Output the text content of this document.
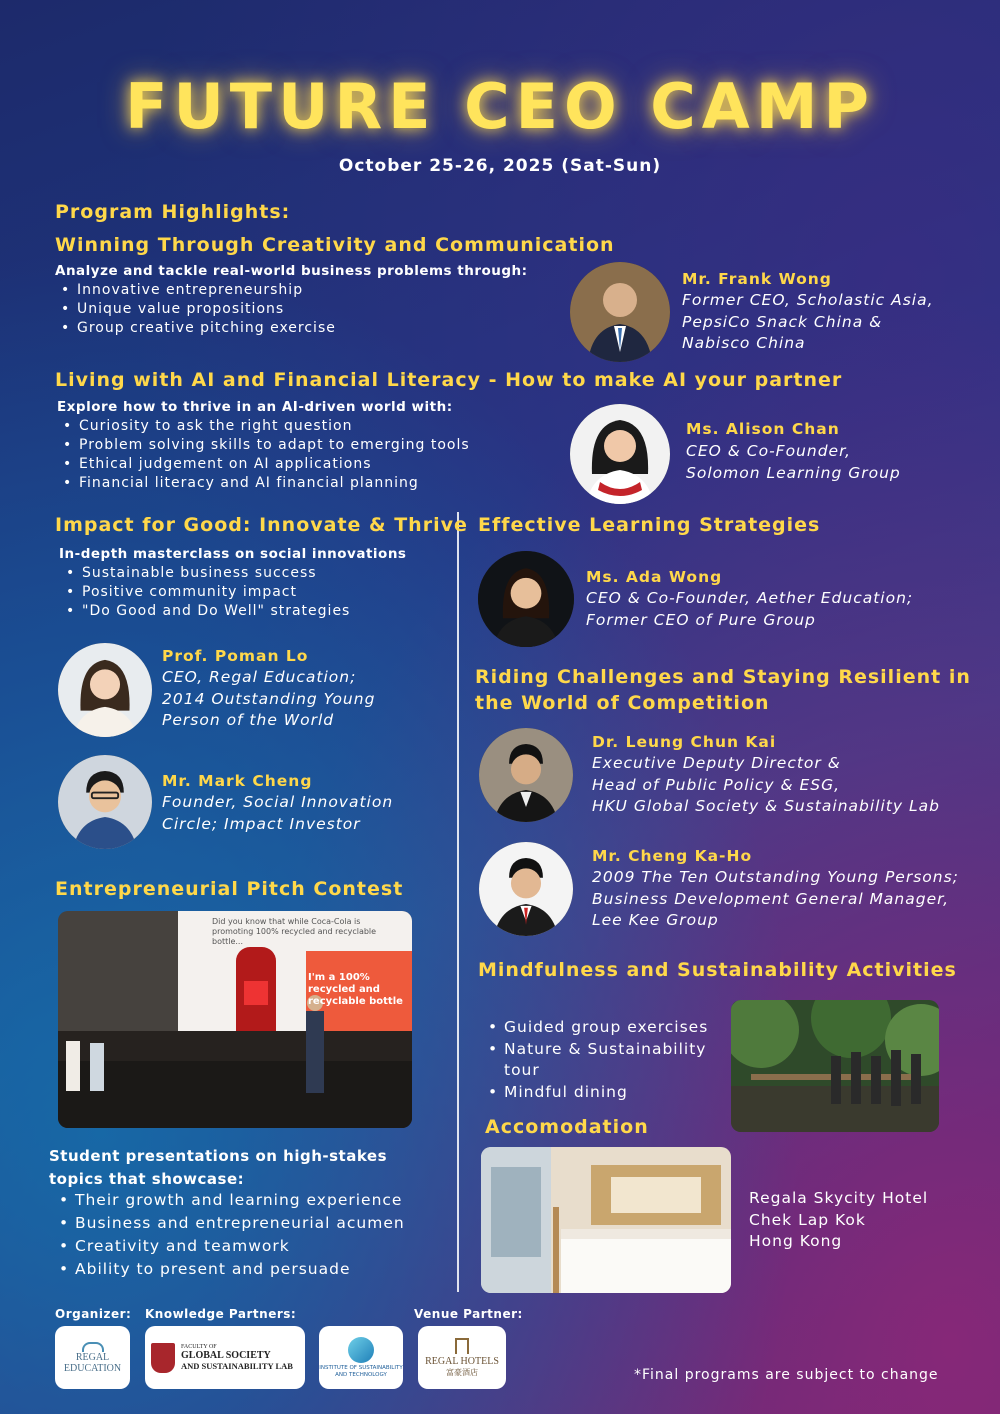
FUTURE CEO CAMP
October 25-26, 2025 (Sat-Sun)
Program Highlights:
Winning Through Creativity and Communication
Analyze and tackle real-world business problems through:
• Innovative entrepreneurship
• Unique value propositions
• Group creative pitching exercise
Mr. Frank Wong
Former CEO, Scholastic Asia,
PepsiCo Snack China &
Nabisco China
Living with AI and Financial Literacy - How to make AI your partner
Explore how to thrive in an AI-driven world with:
• Curiosity to ask the right question
• Problem solving skills to adapt to emerging tools
• Ethical judgement on AI applications
• Financial literacy and AI financial planning
Ms. Alison Chan
CEO & Co-Founder,
Solomon Learning Group
Impact for Good: Innovate & Thrive
In-depth masterclass on social innovations
• Sustainable business success
• Positive community impact
• "Do Good and Do Well" strategies
Prof. Poman Lo
CEO, Regal Education;
2014 Outstanding Young
Person of the World
Mr. Mark Cheng
Founder, Social Innovation
Circle; Impact Investor
Entrepreneurial Pitch Contest
Did you know that while Coca-Cola is promoting 100% recycled and recyclable bottle...
I'm a 100% recycled and recyclable bottle
Student presentations on high-stakes
topics that showcase:
• Their growth and learning experience
• Business and entrepreneurial acumen
• Creativity and teamwork
• Ability to present and persuade
Effective Learning Strategies
Ms. Ada Wong
CEO & Co-Founder, Aether Education;
Former CEO of Pure Group
Riding Challenges and Staying Resilient in
the World of Competition
Dr. Leung Chun Kai
Executive Deputy Director &
Head of Public Policy & ESG,
HKU Global Society & Sustainability Lab
Mr. Cheng Ka-Ho
2009 The Ten Outstanding Young Persons;
Business Development General Manager,
Lee Kee Group
Mindfulness and Sustainability Activities
• Guided group exercises
• Nature & Sustainability tour
• Mindful dining
Accomodation
Regala Skycity Hotel
Chek Lap Kok
Hong Kong
Organizer: Knowledge Partners:	Venue Partner:
REGAL
EDUCATION
FACULTY OF
GLOBAL SOCIETY
AND SUSTAINABILITY LAB	INSTITUTE OF SUSTAINABILITY
AND TECHNOLOGY
REGAL HOTELS
富豪酒店	*Final programs are subject to change
